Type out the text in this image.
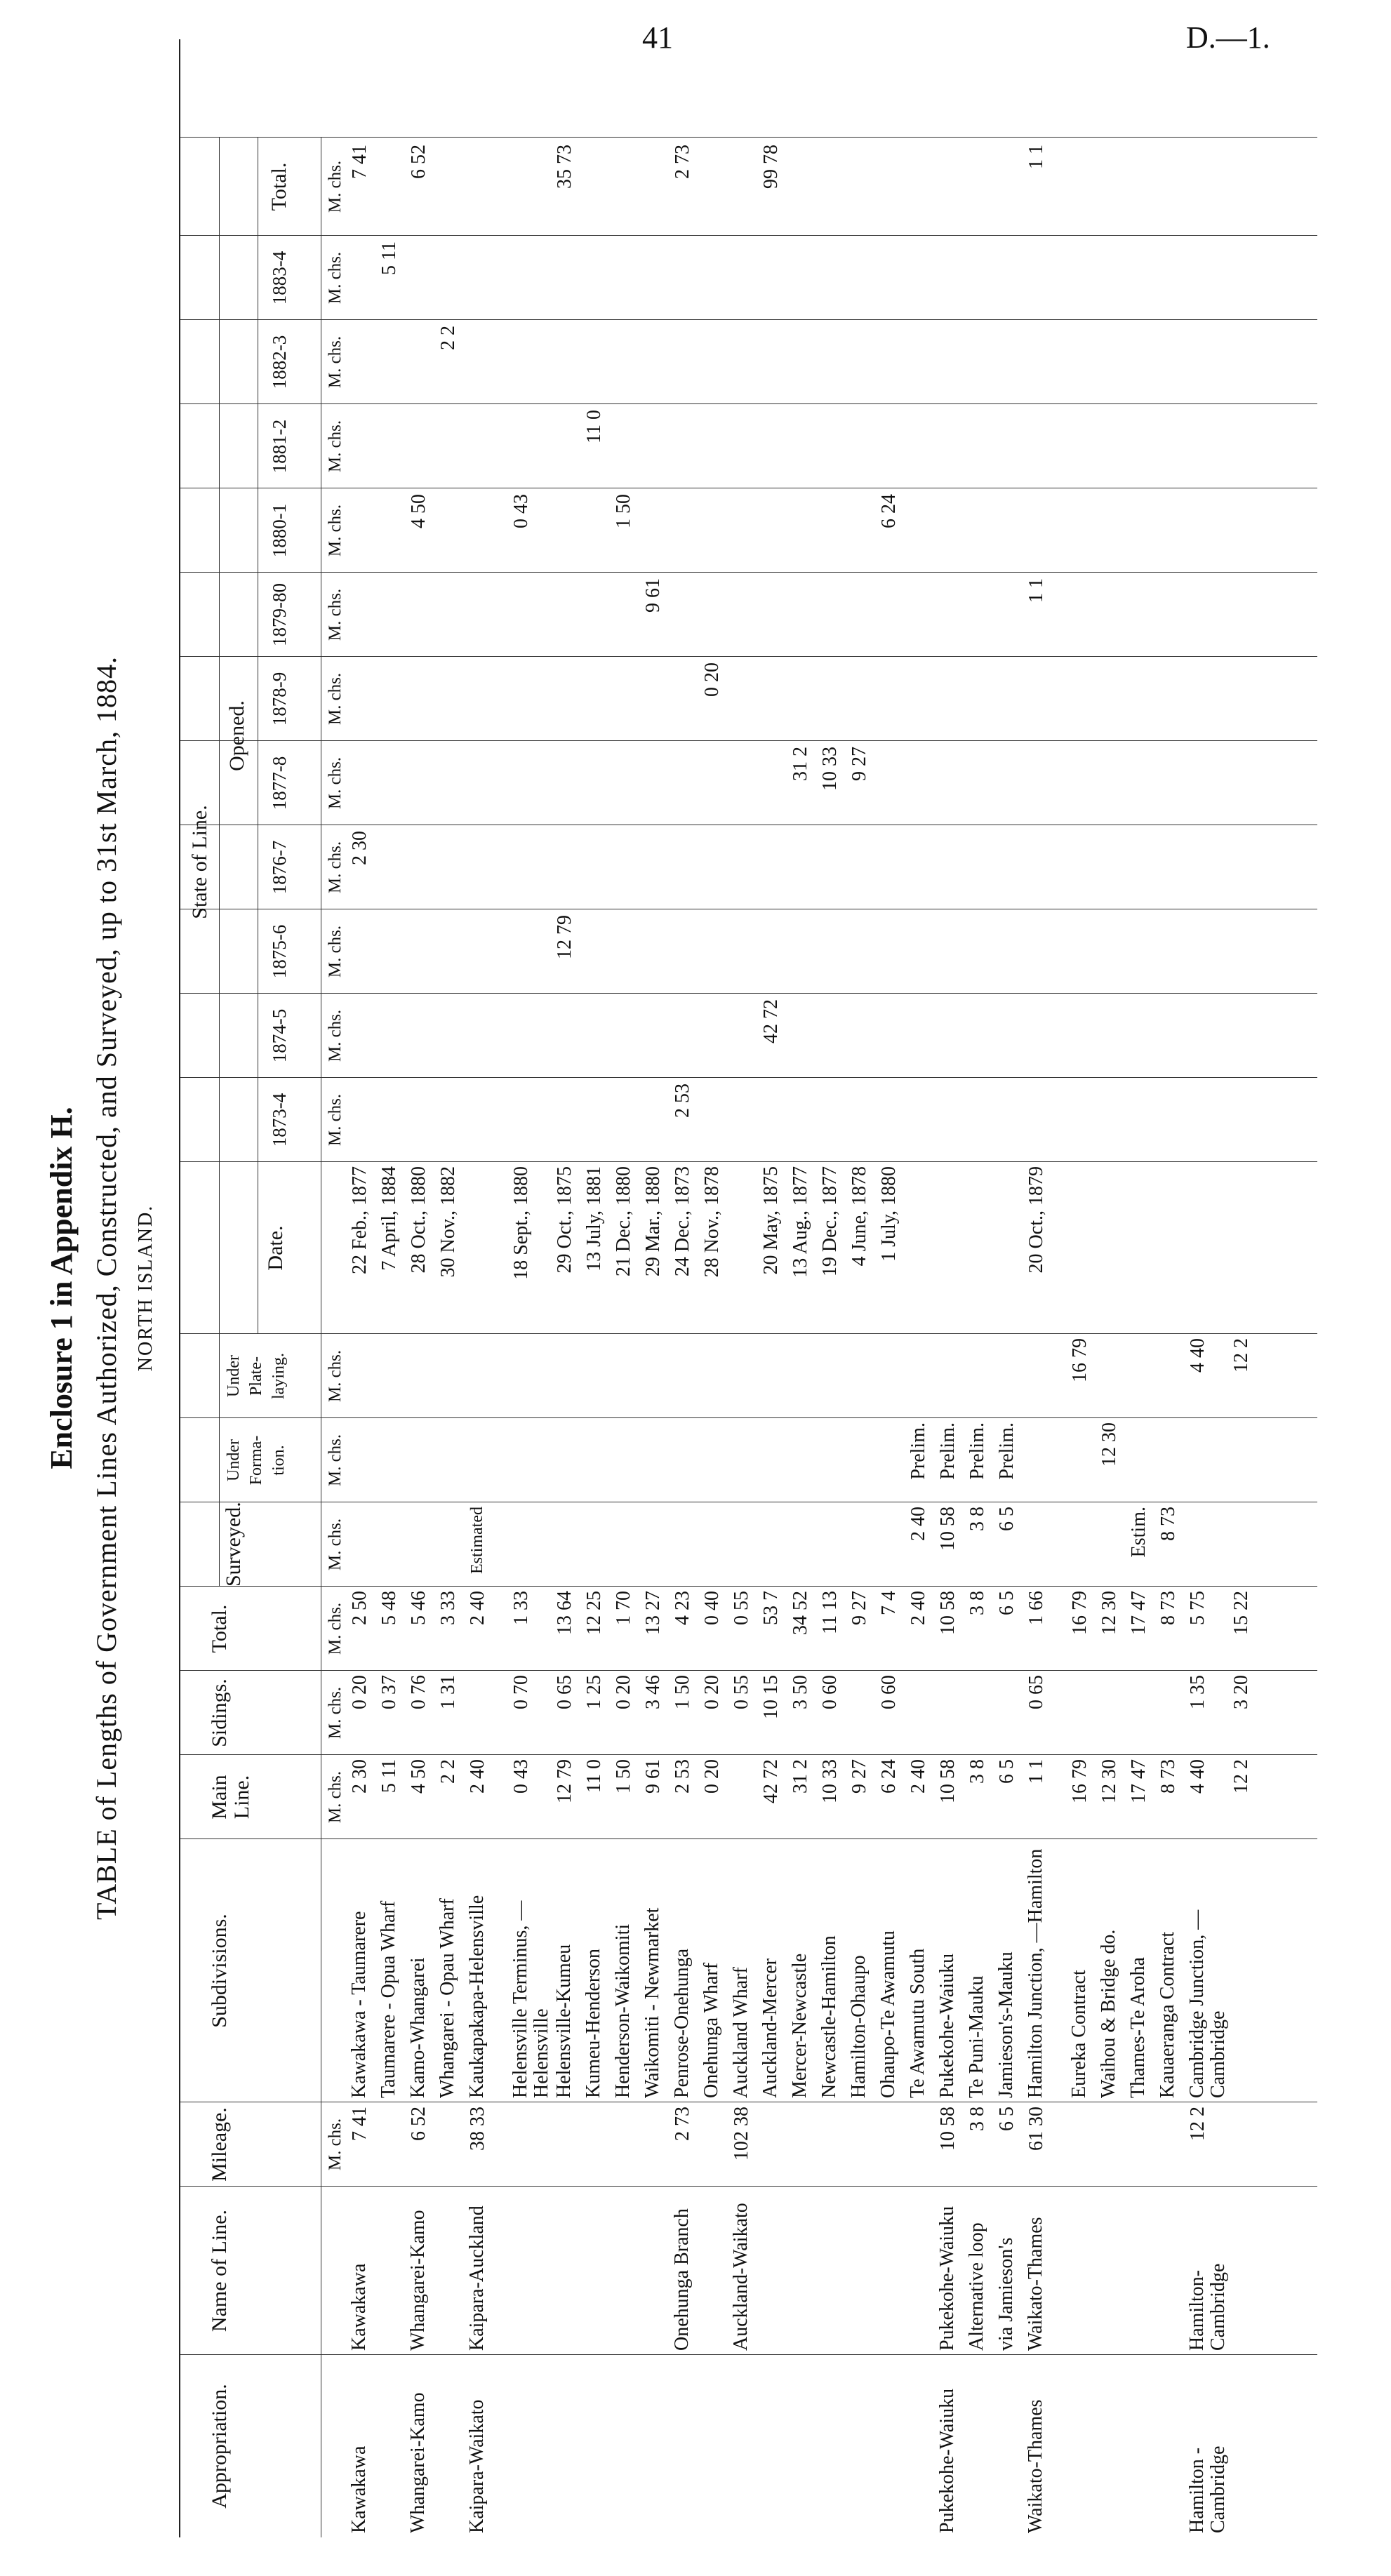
41	D.—1.
Enclosure 1 in Appendix H. TABLE of Lengths of Government Lines Authorized, Constructed, and Surveyed, up to 31st March, 1884. NORTH ISLAND.
Appropriation.
Name of Line.
Mileage.
Subdivisions.
Main
Line.
Sidings.
Total.
Surveyed.
Under
Forma-
tion.
Under
Plate-
laying.
Date.
State of Line.
Opened.
1873-4
1874-5
1875-6
1876-7
1877-8
1878-9
1879-80
1880-1
1881-2
1882-3
1883-4
Total.
M. chs.
M. chs.
M. chs.
M. chs.
M. chs.
M. chs.
M. chs.
M. chs.
M. chs.
M. chs.
M. chs.
M. chs.
M. chs.
M. chs.
M. chs.
M. chs.
M. chs.
M. chs.
M. chs.
Kawakawa
Kawakawa
7 41
Kawakawa - Taumarere
2 30
0 20
2 50
22 Feb., 1877
2 30
7 41
Taumarere - Opua Wharf
5 11
0 37
5 48
7 April, 1884
5 11
Whangarei-Kamo
Whangarei-Kamo
6 52
Kamo-Whangarei
4 50
0 76
5 46
28 Oct., 1880
4 50
6 52
Whangarei - Opau Wharf
2 2
1 31
3 33
30 Nov., 1882
2 2
Kaipara-Waikato
Kaipara-Auckland
38 33
Kaukapakapa-Helensville
2 40
2 40
Estimated
Helensville Terminus, —Helensville
0 43
0 70
1 33
18 Sept., 1880
0 43
Helensville-Kumeu
12 79
0 65
13 64
29 Oct., 1875
12 79
35 73
Kumeu-Henderson
11 0
1 25
12 25
13 July, 1881
11 0
Henderson-Waikomiti
1 50
0 20
1 70
21 Dec., 1880
1 50
Waikomiti - Newmarket
9 61
3 46
13 27
29 Mar., 1880
9 61
Onehunga Branch
2 73
Penrose-Onehunga
2 53
1 50
4 23
24 Dec., 1873
2 53
2 73
Onehunga Wharf
0 20
0 20
0 40
28 Nov., 1878
0 20
Auckland-Waikato
102 38
Auckland Wharf
0 55
0 55
Auckland-Mercer
42 72
10 15
53 7
20 May, 1875
42 72
99 78
Mercer-Newcastle
31 2
3 50
34 52
13 Aug., 1877
31 2
Newcastle-Hamilton
10 33
0 60
11 13
19 Dec., 1877
10 33
Hamilton-Ohaupo
9 27
9 27
4 June, 1878
9 27
Ohaupo-Te Awamutu
6 24
0 60
7 4
1 July, 1880
6 24
Te Awamutu South
2 40
2 40
2 40
Prelim.
Pukekohe-Waiuku
Pukekohe-Waiuku
10 58
Pukekohe-Waiuku
10 58
10 58
10 58
Prelim.
Alternative loop
3 8
Te Puni-Mauku
3 8
3 8
3 8
Prelim.
via Jamieson's
6 5
Jamieson's-Mauku
6 5
6 5
6 5
Prelim.
Waikato-Thames
Waikato-Thames
61 30
Hamilton Junction, —Hamilton
1 1
0 65
1 66
20 Oct., 1879
1 1
1 1
Eureka Contract
16 79
16 79
16 79
Waihou & Bridge do.
12 30
12 30
12 30
Thames-Te Aroha
17 47
17 47
Estim.
Kauaeranga Contract
8 73
8 73
8 73
Hamilton - Cambridge
Hamilton-Cambridge
12 2
Cambridge Junction, —Cambridge
4 40
1 35
5 75
4 40
12 2
3 20
15 22
12 2
